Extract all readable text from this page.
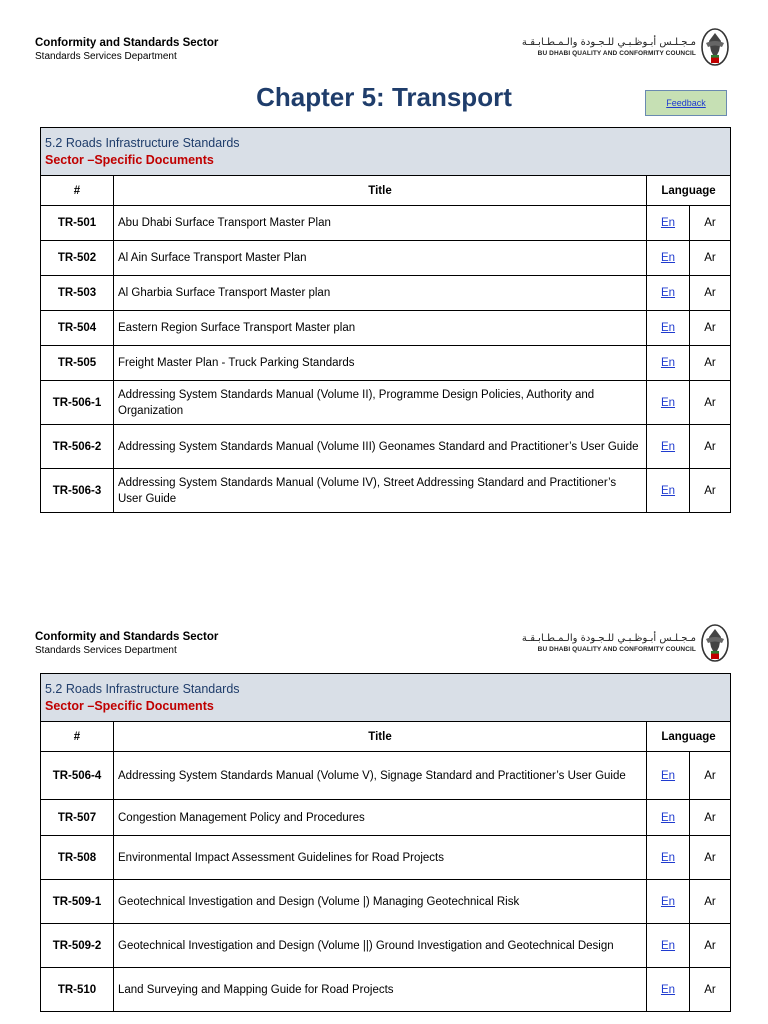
Conformity and Standards Sector
Standards Services Department
مـجـلـس أبـوظـبـي للـجـودة والـمـطـابـقـة
BU DHABI QUALITY AND CONFORMITY COUNCIL
Chapter 5: Transport	Feedback
5.2 Roads Infrastructure Standards
Sector –Specific Documents			

#	Title	Language	
TR-501	Abu Dhabi Surface Transport Master Plan	En	Ar
TR-502	Al Ain Surface Transport Master Plan	En	Ar
TR-503	Al Gharbia Surface Transport Master plan	En	Ar
TR-504	Eastern Region Surface Transport Master plan	En	Ar
TR-505	Freight Master Plan - Truck Parking Standards	En	Ar
TR-506-1	Addressing System Standards Manual (Volume II), Programme Design Policies, Authority and Organization	En	Ar
TR-506-2	Addressing System Standards Manual (Volume III) Geonames Standard and Practitioner’s User Guide	En	Ar
TR-506-3	Addressing System Standards Manual (Volume IV), Street Addressing Standard and Practitioner’s User Guide	En	Ar
Conformity and Standards Sector
Standards Services Department
مـجـلـس أبـوظـبـي للـجـودة والـمـطـابـقـة
BU DHABI QUALITY AND CONFORMITY COUNCIL
5.2 Roads Infrastructure Standards
Sector –Specific Documents			

#	Title	Language	
TR-506-4	Addressing System Standards Manual (Volume V), Signage Standard and Practitioner’s User Guide	En	Ar
TR-507	Congestion Management Policy and Procedures	En	Ar
TR-508	Environmental Impact Assessment Guidelines for Road Projects	En	Ar
TR-509-1	Geotechnical Investigation and Design (Volume |) Managing Geotechnical Risk	En	Ar
TR-509-2	Geotechnical Investigation and Design (Volume ||) Ground Investigation and Geotechnical Design	En	Ar
TR-510	Land Surveying and Mapping Guide for Road Projects	En	Ar
